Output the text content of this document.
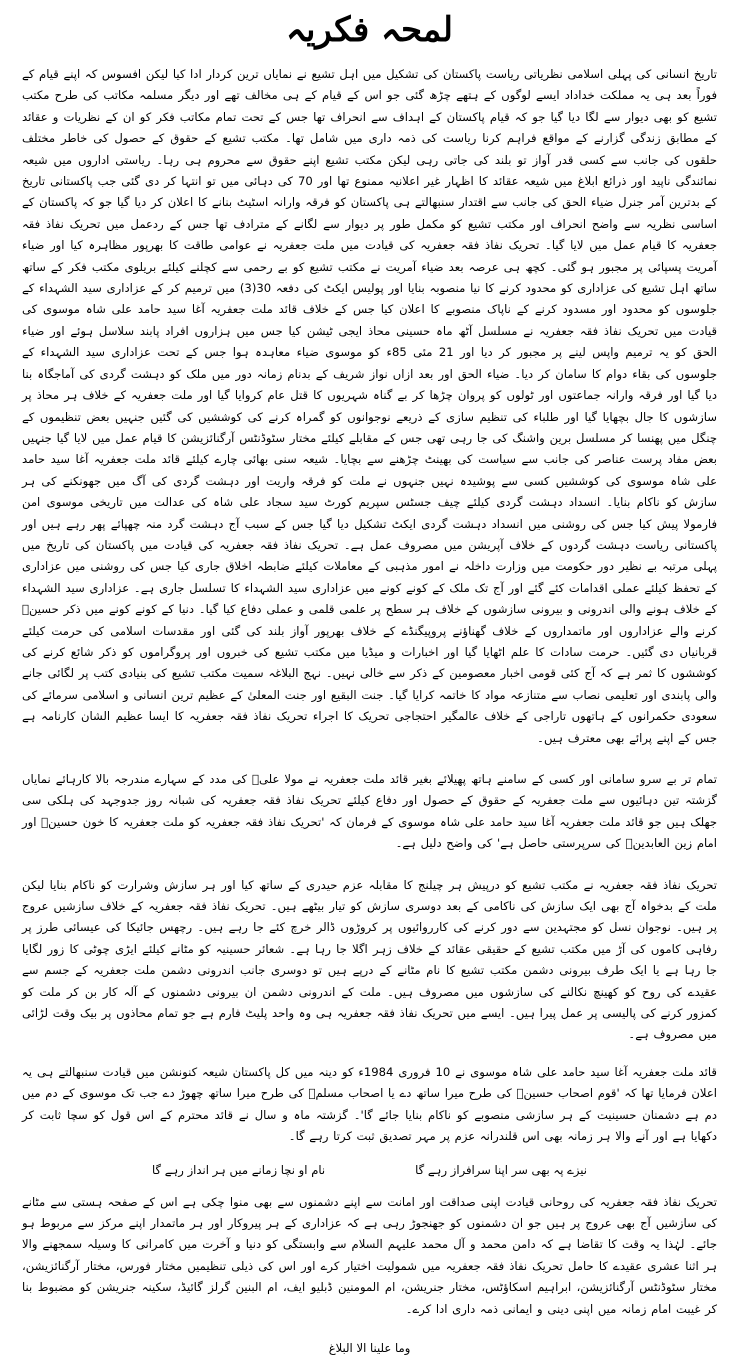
لمحہ فکریہ

تاریخ انسانی کی پہلی اسلامی نظریاتی ریاست پاکستان کی تشکیل میں اہل تشیع نے نمایاں ترین کردار ادا کیا لیکن افسوس کہ اپنے قیام کے فوراً بعد ہی یہ مملکت خداداد ایسے لوگوں کے ہتھے چڑھ گئی جو اس کے قیام کے ہی مخالف تھے اور دیگر مسلمہ مکاتب کی طرح مکتب تشیع کو بھی دیوار سے لگا دیا گیا جو کہ قیام پاکستان کے اہداف سے انحراف تھا جس کے تحت تمام مکاتب فکر کو ان کے نظریات و عقائد کے مطابق زندگی گزارنے کے مواقع فراہم کرنا ریاست کی ذمہ داری میں شامل تھا۔ مکتب تشیع کے حقوق کے حصول کی خاطر مختلف حلقوں کی جانب سے کسی قدر آواز تو بلند کی جاتی رہی لیکن مکتب تشیع اپنے حقوق سے محروم ہی رہا۔ ریاستی اداروں میں شیعہ نمائندگی ناپید اور ذرائع ابلاغ میں شیعہ عقائد کا اظہار غیر اعلانیہ ممنوع تھا اور 70 کی دہائی میں تو انتہا کر دی گئی جب پاکستانی تاریخ کے بدترین آمر جنرل ضیاء الحق کی جانب سے اقتدار سنبھالتے ہی پاکستان کو فرقہ وارانہ اسٹیٹ بنانے کا اعلان کر دیا گیا جو کہ پاکستان کے اساسی نظریہ سے واضح انحراف اور مکتب تشیع کو مکمل طور پر دیوار سے لگانے کے مترادف تھا جس کے ردعمل میں تحریک نفاذ فقہ جعفریہ کا قیام عمل میں لایا گیا۔ تحریک نفاذ فقہ جعفریہ کی قیادت میں ملت جعفریہ نے عوامی طاقت کا بھرپور مظاہرہ کیا اور ضیاء آمریت پسپائی پر مجبور ہو گئی۔ کچھ ہی عرصہ بعد ضیاء آمریت نے مکتب تشیع کو بے رحمی سے کچلنے کیلئے بریلوی مکتب فکر کے ساتھ ساتھ اہل تشیع کی عزاداری کو محدود کرنے کا نیا منصوبہ بنایا اور پولیس ایکٹ کی دفعہ 30(3) میں ترمیم کر کے عزاداری سید الشہداء کے جلوسوں کو محدود اور مسدود کرنے کے ناپاک منصوبے کا اعلان کیا جس کے خلاف قائد ملت جعفریہ آغا سید حامد علی شاہ موسوی کی قیادت میں تحریک نفاذ فقہ جعفریہ نے مسلسل آٹھ ماہ حسینی محاذ ایجی ٹیشن کیا جس میں ہزاروں افراد پابند سلاسل ہوئے اور ضیاء الحق کو یہ ترمیم واپس لینے پر مجبور کر دیا اور 21 مئی 85ء کو موسوی ضیاء معاہدہ ہوا جس کے تحت عزاداری سید الشہداء کے جلوسوں کی بقاء دوام کا سامان کر دیا۔ ضیاء الحق اور بعد ازاں نواز شریف کے بدنام زمانہ دور میں ملک کو دہشت گردی کی آماجگاہ بنا دیا گیا اور فرقہ وارانہ جماعتوں اور ٹولوں کو پروان چڑھا کر بے گناہ شہریوں کا قتل عام کروایا گیا اور ملت جعفریہ کے خلاف ہر محاذ پر سازشوں کا جال بچھایا گیا اور طلباء کی تنظیم سازی کے ذریعے نوجوانوں کو گمراہ کرنے کی کوششیں کی گئیں جنہیں بعض تنظیموں کے چنگل میں پھنسا کر مسلسل برین واشنگ کی جا رہی تھی جس کے مقابلے کیلئے مختار سٹوڈنٹس آرگنائزیشن کا قیام عمل میں لایا گیا جنہیں بعض مفاد پرست عناصر کی جانب سے سیاست کی بھینٹ چڑھنے سے بچایا۔ شیعہ سنی بھائی چارے کیلئے قائد ملت جعفریہ آغا سید حامد علی شاہ موسوی کی کوششیں کسی سے پوشیدہ نہیں جنہوں نے ملت کو فرقہ واریت اور دہشت گردی کی آگ میں جھونکنے کی ہر سازش کو ناکام بنایا۔ انسداد دہشت گردی کیلئے چیف جسٹس سپریم کورٹ سید سجاد علی شاہ کی عدالت میں تاریخی موسوی امن فارمولا پیش کیا جس کی روشنی میں انسداد دہشت گردی ایکٹ تشکیل دیا گیا جس کے سبب آج دہشت گرد منہ چھپائے پھر رہے ہیں اور پاکستانی ریاست دہشت گردوں کے خلاف آپریشن میں مصروف عمل ہے۔ تحریک نفاذ فقہ جعفریہ کی قیادت میں پاکستان کی تاریخ میں پہلی مرتبہ بے نظیر دور حکومت میں وزارت داخلہ نے امور مذہبی کے معاملات کیلئے ضابطہ اخلاق جاری کیا جس کی روشنی میں عزاداری کے تحفظ کیلئے عملی اقدامات کئے گئے اور آج تک ملک کے کونے کونے میں عزاداری سید الشہداء کا تسلسل جاری ہے۔ عزاداری سید الشہداء کے خلاف ہونے والی اندرونی و بیرونی سازشوں کے خلاف ہر سطح پر علمی قلمی و عملی دفاع کیا گیا۔ دنیا کے کونے کونے میں ذکر حسینؑ کرنے والے عزاداروں اور ماتمداروں کے خلاف گھناؤنے پروپیگنڈے کے خلاف بھرپور آواز بلند کی گئی اور مقدسات اسلامی کی حرمت کیلئے قربانیاں دی گئیں۔ حرمت سادات کا علم اٹھایا گیا اور اخبارات و میڈیا میں مکتب تشیع کی خبروں اور پروگراموں کو ذکر شائع کرنے کی کوششوں کا ثمر ہے کہ آج کئی قومی اخبار معصومین کے ذکر سے خالی نہیں۔ نہج البلاغہ سمیت مکتب تشیع کی بنیادی کتب پر لگائی جانے والی پابندی اور تعلیمی نصاب سے متنازعہ مواد کا خاتمہ کرایا گیا۔ جنت البقیع اور جنت المعلیٰ کے عظیم ترین انسانی و اسلامی سرمائے کی سعودی حکمرانوں کے ہاتھوں تاراجی کے خلاف عالمگیر احتجاجی تحریک کا اجراء تحریک نفاذ فقہ جعفریہ کا ایسا عظیم الشان کارنامہ ہے جس کے اپنے پرائے بھی معترف ہیں۔

تمام تر بے سرو سامانی اور کسی کے سامنے ہاتھ پھیلائے بغیر قائد ملت جعفریہ نے مولا علیؑ کی مدد کے سہارے مندرجہ بالا کارہائے نمایاں گزشتہ تین دہائیوں سے ملت جعفریہ کے حقوق کے حصول اور دفاع کیلئے تحریک نفاذ فقہ جعفریہ کی شبانہ روز جدوجہد کی ہلکی سی جھلک ہیں جو قائد ملت جعفریہ آغا سید حامد علی شاہ موسوی کے فرمان کہ 'تحریک نفاذ فقہ جعفریہ کو ملت جعفریہ کا خون حسینؑ اور امام زین العابدینؑ کی سرپرستی حاصل ہے' کی واضح دلیل ہے۔

تحریک نفاذ فقہ جعفریہ نے مکتب تشیع کو درپیش ہر چیلنج کا مقابلہ عزم حیدری کے ساتھ کیا اور ہر سازش وشرارت کو ناکام بنایا لیکن ملت کے بدخواہ آج بھی ایک سازش کی ناکامی کے بعد دوسری سازش کو تیار بیٹھے ہیں۔ تحریک نفاذ فقہ جعفریہ کے خلاف سازشیں عروج پر ہیں۔ نوجوان نسل کو مجتہدین سے دور کرنے کی کارروائیوں پر کروڑوں ڈالر خرچ کئے جا رہے ہیں۔ رچھس جائیکا کی عیسائی طرز پر رفاہی کاموں کی آڑ میں مکتب تشیع کے حقیقی عقائد کے خلاف زہر اگلا جا رہا ہے۔ شعائر حسینیہ کو مٹانے کیلئے ایڑی چوٹی کا زور لگایا جا رہا ہے یا ایک طرف بیرونی دشمن مکتب تشیع کا نام مٹانے کے درپے ہیں تو دوسری جانب اندرونی دشمن ملت جعفریہ کے جسم سے عقیدے کی روح کو کھینچ نکالنے کی سازشوں میں مصروف ہیں۔ ملت کے اندرونی دشمن ان بیرونی دشمنوں کے آلہ کار بن کر ملت کو کمزور کرنے کی پالیسی پر عمل پیرا ہیں۔ ایسے میں تحریک نفاذ فقہ جعفریہ ہی وہ واحد پلیٹ فارم ہے جو تمام محاذوں پر بیک وقت لڑائی میں مصروف ہے۔

قائد ملت جعفریہ آغا سید حامد علی شاہ موسوی نے 10 فروری 1984ء کو دینہ میں کل پاکستان شیعہ کنونشن میں قیادت سنبھالتے ہی یہ اعلان فرمایا تھا کہ 'قوم اصحاب حسینؑ کی طرح میرا ساتھ دے یا اصحاب مسلمؑ کی طرح میرا ساتھ چھوڑ دے جب تک موسوی کے دم میں دم ہے دشمنان حسینیت کے ہر سازشی منصوبے کو ناکام بنایا جائے گا'۔ گزشتہ ماہ و سال نے قائد محترم کے اس قول کو سچا ثابت کر دکھایا ہے اور آنے والا ہر زمانہ بھی اس قلندرانہ عزم پر مہر تصدیق ثبت کرتا رہے گا۔

نیزے پہ بھی سر اپنا سرافراز رہے گا
نام او نچا زمانے میں ہر انداز رہے گا

تحریک نفاذ فقہ جعفریہ کی روحانی قیادت اپنی صداقت اور امانت سے اپنے دشمنوں سے بھی منوا چکی ہے اس کے صفحہ ہستی سے مٹانے کی سازشیں آج بھی عروج پر ہیں جو ان دشمنوں کو جھنجوڑ رہی ہے کہ عزاداری کے ہر پیروکار اور ہر ماتمدار اپنے مرکز سے مربوط ہو جائے۔ لہٰذا یہ وقت کا تقاضا ہے کہ دامن محمد و آل محمد علیہم السلام سے وابستگی کو دنیا و آخرت میں کامرانی کا وسیلہ سمجھنے والا ہر اثنا عشری عقیدے کا حامل تحریک نفاذ فقہ جعفریہ میں شمولیت اختیار کرے اور اس کی ذیلی تنظیمیں مختار فورس، مختار آرگنائزیشن، مختار سٹوڈنٹس آرگنائزیشن، ابراہیم اسکاؤٹس، مختار جنریشن، ام المومنین ڈبلیو ایف، ام البنین گرلز گائیڈ، سکینہ جنریشن کو مضبوط بنا کر غیبت امام زمانہ میں اپنی دینی و ایمانی ذمہ داری ادا کرے۔

وما علینا الا البلاغ
